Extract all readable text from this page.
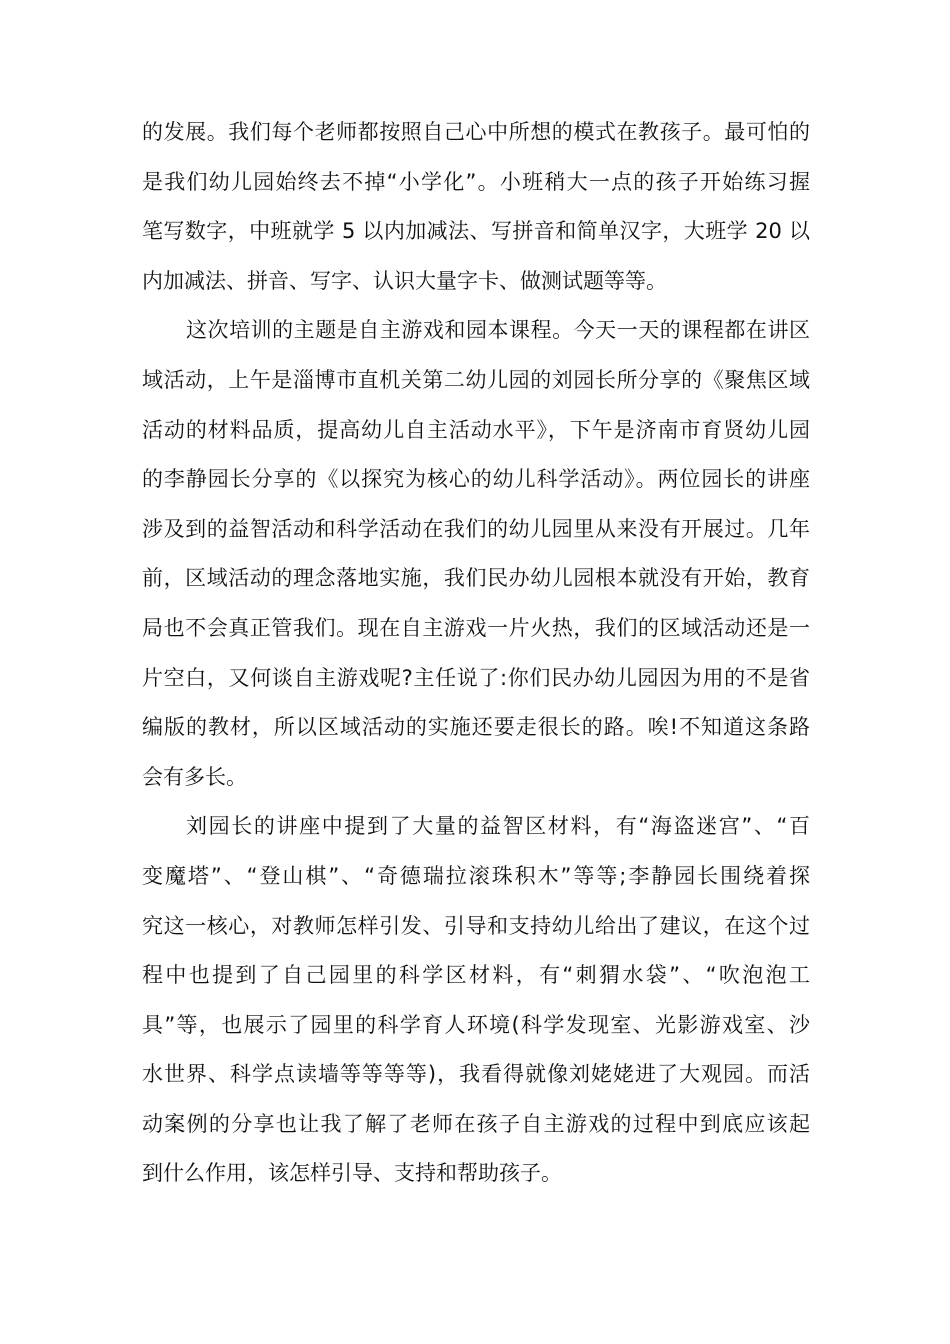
的发展。我们每个老师都按照自己心中所想的模式在教孩子。最可怕的
是我们幼儿园始终去不掉“小学化”。小班稍大一点的孩子开始练习握
笔写数字，中班就学 5 以内加减法、写拼音和简单汉字，大班学 20 以
内加减法、拼音、写字、认识大量字卡、做测试题等等。
这次培训的主题是自主游戏和园本课程。今天一天的课程都在讲区
域活动，上午是淄博市直机关第二幼儿园的刘园长所分享的《聚焦区域
活动的材料品质，提高幼儿自主活动水平》，下午是济南市育贤幼儿园
的李静园长分享的《以探究为核心的幼儿科学活动》。两位园长的讲座
涉及到的益智活动和科学活动在我们的幼儿园里从来没有开展过。几年
前，区域活动的理念落地实施，我们民办幼儿园根本就没有开始，教育
局也不会真正管我们。现在自主游戏一片火热，我们的区域活动还是一
片空白，又何谈自主游戏呢?主任说了:你们民办幼儿园因为用的不是省
编版的教材，所以区域活动的实施还要走很长的路。唉!不知道这条路
会有多长。
刘园长的讲座中提到了大量的益智区材料，有“海盗迷宫”、“百
变魔塔”、“登山棋”、“奇德瑞拉滚珠积木”等等;李静园长围绕着探
究这一核心，对教师怎样引发、引导和支持幼儿给出了建议，在这个过
程中也提到了自己园里的科学区材料，有“刺猬水袋”、“吹泡泡工
具”等，也展示了园里的科学育人环境(科学发现室、光影游戏室、沙
水世界、科学点读墙等等等等)，我看得就像刘姥姥进了大观园。而活
动案例的分享也让我了解了老师在孩子自主游戏的过程中到底应该起
到什么作用，该怎样引导、支持和帮助孩子。
